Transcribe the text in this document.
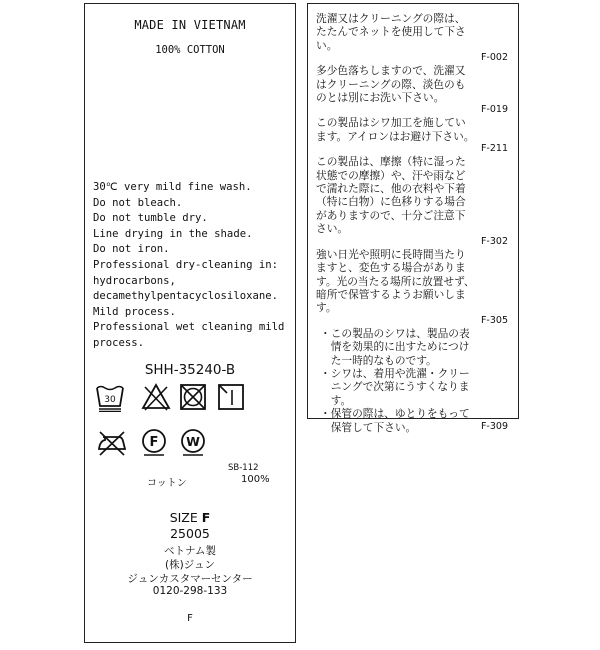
MADE IN VIETNAM
100% COTTON
30℃ very mild fine wash.
Do not bleach.
Do not tumble dry.
Line drying in the shade.
Do not iron.
Professional dry-cleaning in:
hydrocarbons,
decamethylpentacyclosiloxane.
Mild process.
Professional wet cleaning mild
process.
SHH-35240-B
30
F W
SB-112
コットン	100%
SIZE F
25005
ベトナム製
(株)ジュン
ジュンカスタマーセンター
0120-298-133
F

洗濯又はクリーニングの際は、
たたんでネットを使用して下さ
い。

F-002

多少色落ちしますので、洗濯又
はクリーニングの際、淡色のも
のとは別にお洗い下さい。

F-019

この製品はシワ加工を施してい
ます。アイロンはお避け下さい。

F-211

この製品は、摩擦（特に湿った
状態での摩擦）や、汗や雨など
で濡れた際に、他の衣料や下着
（特に白物）に色移りする場合
がありますので、十分ご注意下
さい。

F-302

強い日光や照明に長時間当たり
ますと、変色する場合がありま
す。光の当たる場所に放置せず、
暗所で保管するようお願いしま
す。

F-305

・この製品のシワは、製品の表
　情を効果的に出すためにつけ
　た一時的なものです。
・シワは、着用や洗濯・クリー
　ニングで次第にうすくなりま
　す。
・保管の際は、ゆとりをもって
　保管して下さい。	F-309
